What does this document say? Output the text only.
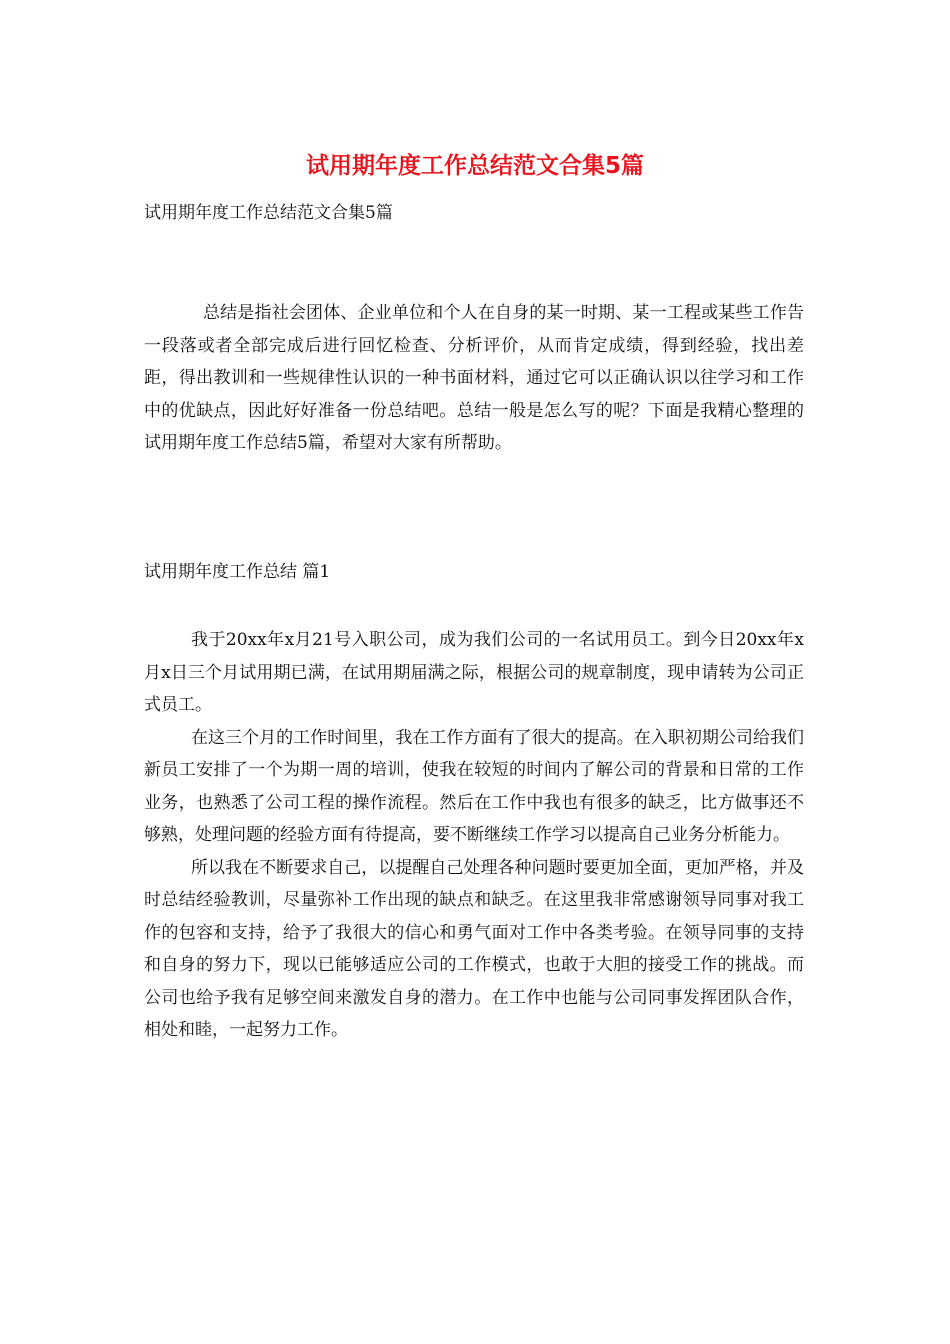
试用期年度工作总结范文合集5篇

试用期年度工作总结范文合集5篇

总结是指社会团体、企业单位和个人在自身的某一时期、某一工程或某些工作告一段落或者全部完成后进行回忆检查、分析评价，从而肯定成绩，得到经验，找出差距，得出教训和一些规律性认识的一种书面材料，通过它可以正确认识以往学习和工作中的优缺点，因此好好准备一份总结吧。总结一般是怎么写的呢？下面是我精心整理的试用期年度工作总结5篇，希望对大家有所帮助。

试用期年度工作总结 篇1

我于20xx年x月21号入职公司，成为我们公司的一名试用员工。到今日20xx年x月x日三个月试用期已满，在试用期届满之际，根据公司的规章制度，现申请转为公司正式员工。

在这三个月的工作时间里，我在工作方面有了很大的提高。在入职初期公司给我们新员工安排了一个为期一周的培训，使我在较短的时间内了解公司的背景和日常的工作业务，也熟悉了公司工程的操作流程。然后在工作中我也有很多的缺乏，比方做事还不够熟，处理问题的经验方面有待提高，要不断继续工作学习以提高自己业务分析能力。

所以我在不断要求自己，以提醒自己处理各种问题时要更加全面，更加严格，并及时总结经验教训，尽量弥补工作出现的缺点和缺乏。在这里我非常感谢领导同事对我工作的包容和支持，给予了我很大的信心和勇气面对工作中各类考验。在领导同事的支持和自身的努力下，现以已能够适应公司的工作模式，也敢于大胆的接受工作的挑战。而公司也给予我有足够空间来激发自身的潜力。在工作中也能与公司同事发挥团队合作，相处和睦，一起努力工作。
